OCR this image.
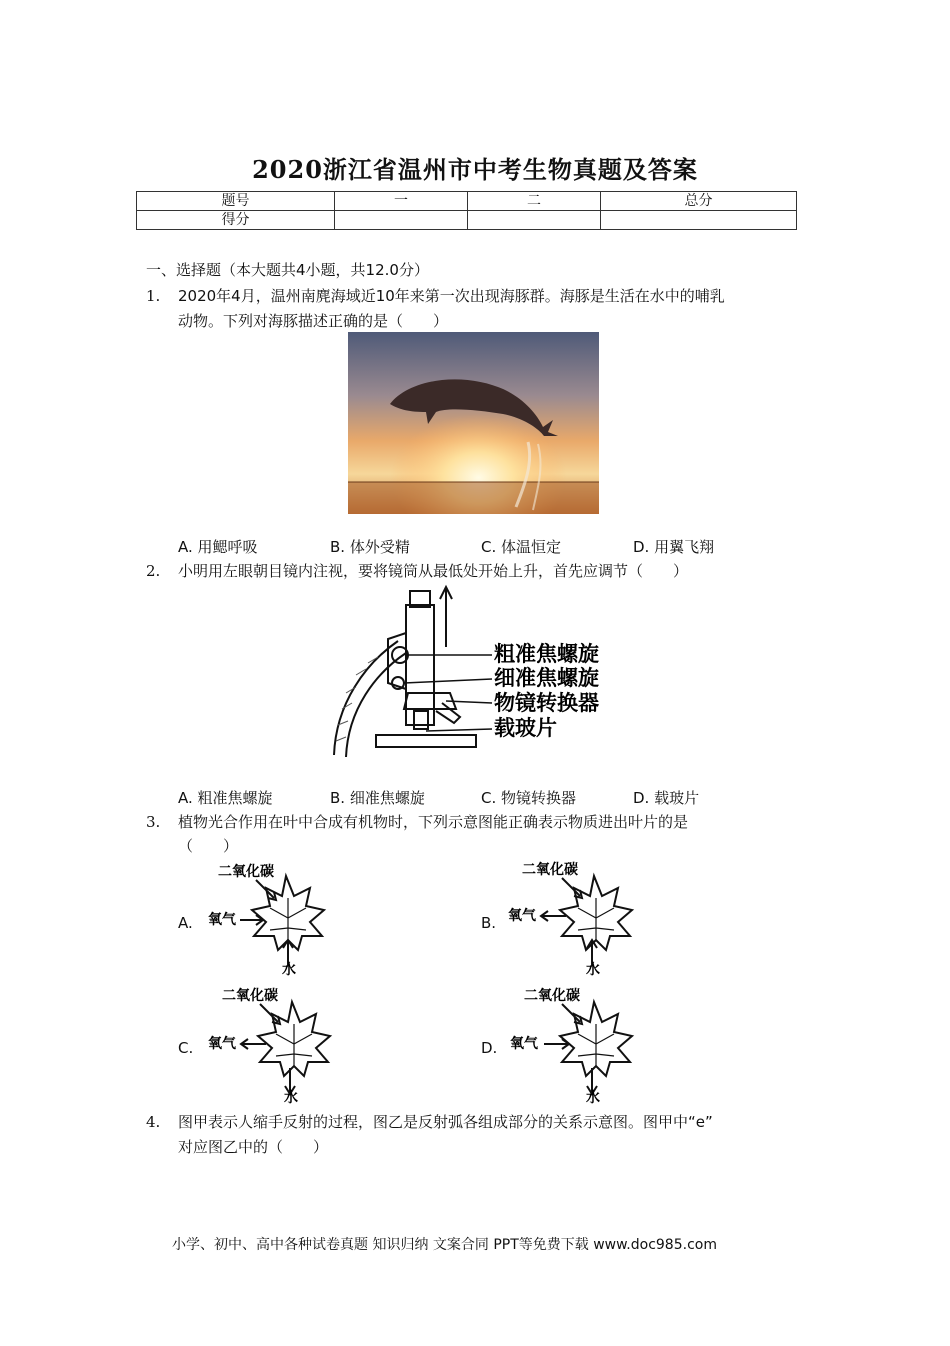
2020浙江省温州市中考生物真题及答案
题号	一	二	总分
得分			
一、选择题（本大题共4小题，共12.0分）
1. 2020年4月，温州南麂海域近10年来第一次出现海豚群。海豚是生活在水中的哺乳
动物。下列对海豚描述正确的是（　　）
A. 用鳃呼吸	B. 体外受精	C. 体温恒定	D. 用翼飞翔
2. 小明用左眼朝目镜内注视，要将镜筒从最低处开始上升，首先应调节（　　）
粗准焦螺旋
细准焦螺旋
物镜转换器
载玻片
A. 粗准焦螺旋	B. 细准焦螺旋	C. 物镜转换器	D. 载玻片
3. 植物光合作用在叶中合成有机物时，下列示意图能正确表示物质进出叶片的是
（　　）
A.
二氧化碳
氧气
水
B.
二氧化碳
氧气
水
C.
二氧化碳
氧气
水
D.
二氧化碳
氧气
水
4. 图甲表示人缩手反射的过程，图乙是反射弧各组成部分的关系示意图。图甲中“e”
对应图乙中的（　　）
小学、初中、高中各种试卷真题 知识归纳 文案合同 PPT等免费下载 www.doc985.com
